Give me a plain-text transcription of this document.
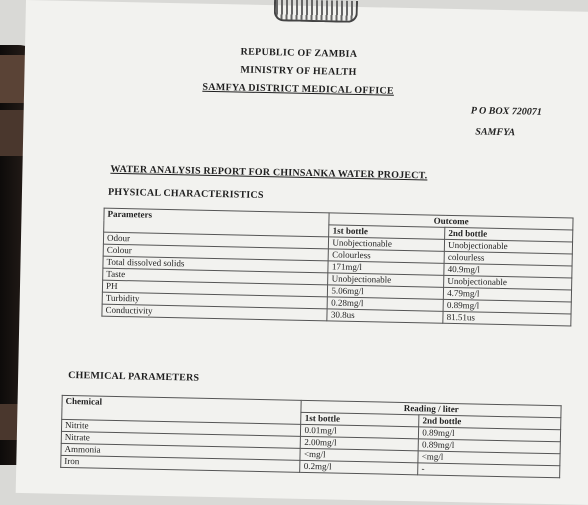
REPUBLIC OF ZAMBIA
MINISTRY OF HEALTH
SAMFYA DISTRICT MEDICAL OFFICE
P O BOX 720071
SAMFYA
WATER ANALYSIS REPORT FOR CHINSANKA WATER PROJECT.
PHYSICAL CHARACTERISTICS
Parameters	Outcome	
	1st bottle	2nd bottle
Odour	Unobjectionable	Unobjectionable
Colour	Colourless	colourless
Total dissolved solids	171mg/l	40.9mg/l
Taste	Unobjectionable	Unobjectionable
PH	5.06mg/l	4.79mg/l
Turbidity	0.28mg/l	0.89mg/l
Conductivity	30.8us	81.51us
CHEMICAL PARAMETERS
Chemical	Reading / liter	
	1st bottle	2nd bottle
Nitrite	0.01mg/l	0.89mg/l
Nitrate	2.00mg/l	0.89mg/l
Ammonia	<mg/l	<mg/l
Iron	0.2mg/l	-
